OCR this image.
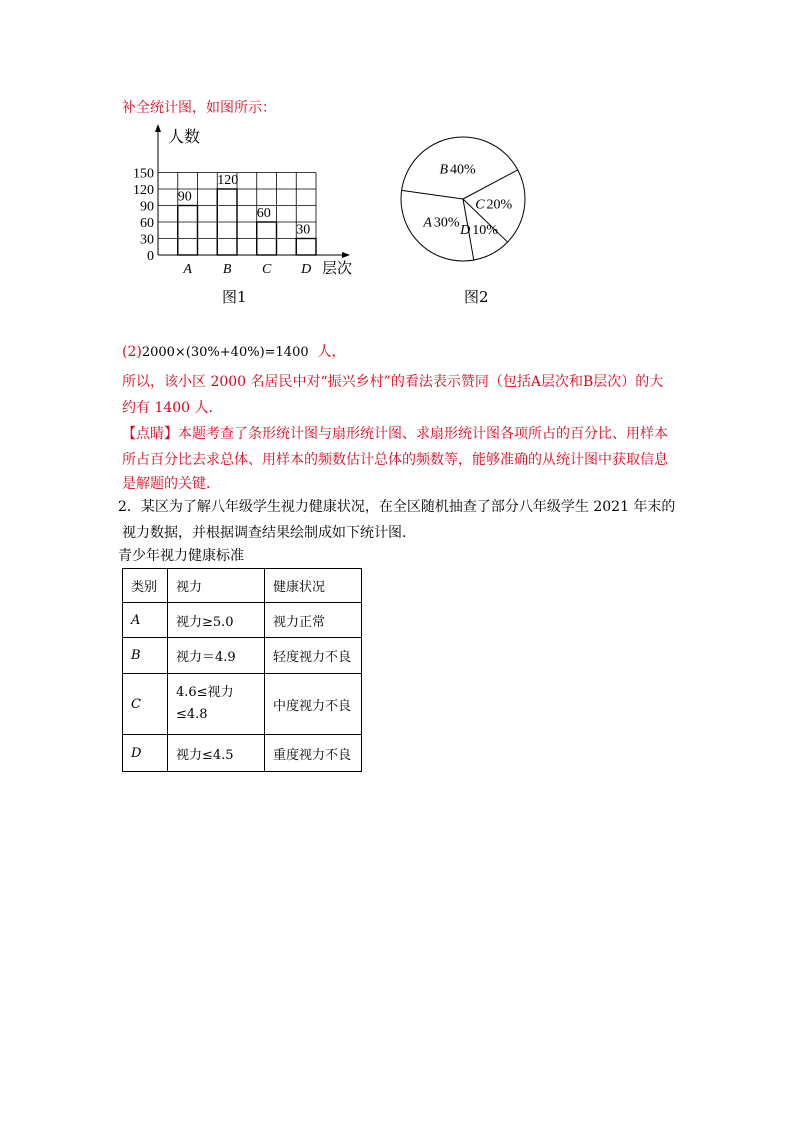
补全统计图，如图所示：
0
30
60
90
120
150
人数
层次
90
A
120
B
60
C
30
D
A 30%
B 40%
C 20%
D 10%
图1	图2
(2)2000×(30%+40%)=1400 人，
所以，该小区 2000 名居民中对“振兴乡村”的看法表示赞同（包括A层次和B层次）的大
约有 1400 人.
【点睛】本题考查了条形统计图与扇形统计图、求扇形统计图各项所占的百分比、用样本
所占百分比去求总体、用样本的频数估计总体的频数等，能够准确的从统计图中获取信息
是解题的关键.
2．某区为了解八年级学生视力健康状况，在全区随机抽查了部分八年级学生 2021 年末的
视力数据，并根据调查结果绘制成如下统计图.
青少年视力健康标准
类别	视力	健康状况
A	视力≥5.0	视力正常
B	视力＝4.9	轻度视力不良
C	4.6≤视力
≤4.8	中度视力不良
D	视力≤4.5	重度视力不良
